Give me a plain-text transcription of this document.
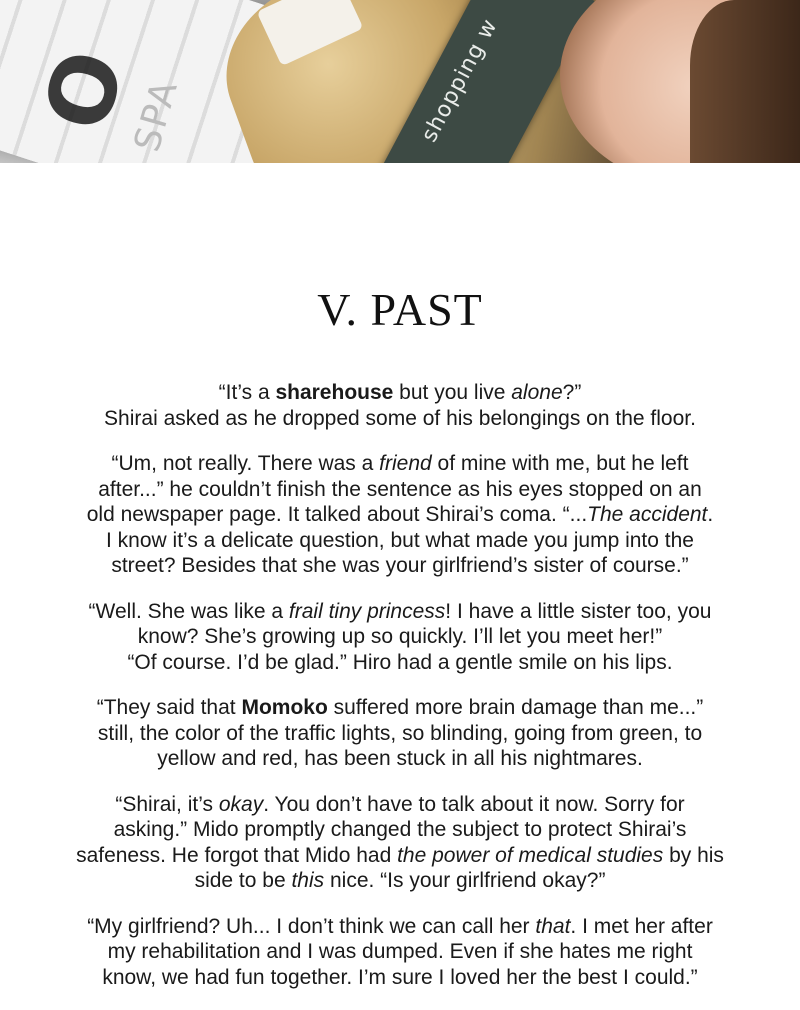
O
SPA	shopping w
V. PAST

“It’s a sharehouse but you live alone?”
Shirai asked as he dropped some of his belongings on the floor.

“Um, not really. There was a friend of mine with me, but he left
after...” he couldn’t finish the sentence as his eyes stopped on an
old newspaper page. It talked about Shirai’s coma. “...The accident.
I know it’s a delicate question, but what made you jump into the
street? Besides that she was your girlfriend’s sister of course.”

“Well. She was like a frail tiny princess! I have a little sister too, you
know? She’s growing up so quickly. I’ll let you meet her!”
“Of course. I’d be glad.” Hiro had a gentle smile on his lips.

“They said that Momoko suffered more brain damage than me...”
still, the color of the traffic lights, so blinding, going from green, to
yellow and red, has been stuck in all his nightmares.

“Shirai, it’s okay. You don’t have to talk about it now. Sorry for
asking.” Mido promptly changed the subject to protect Shirai’s
safeness. He forgot that Mido had the power of medical studies by his
side to be this nice. “Is your girlfriend okay?”

“My girlfriend? Uh... I don’t think we can call her that. I met her after
my rehabilitation and I was dumped. Even if she hates me right
know, we had fun together. I’m sure I loved her the best I could.”
